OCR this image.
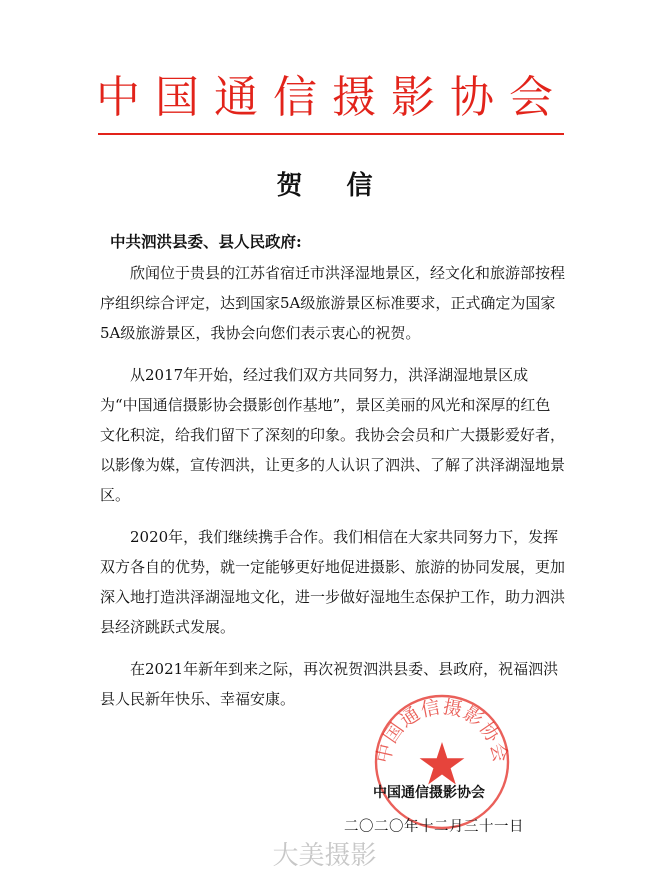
中国通信摄影协会
贺信
中共泗洪县委、县人民政府:

欣闻位于贵县的江苏省宿迁市洪泽湿地景区，经文化和旅游部按程序组织综合评定，达到国家5A级旅游景区标准要求，正式确定为国家5A级旅游景区，我协会向您们表示衷心的祝贺。

从2017年开始，经过我们双方共同努力，洪泽湖湿地景区成为“中国通信摄影协会摄影创作基地”，景区美丽的风光和深厚的红色文化积淀，给我们留下了深刻的印象。我协会会员和广大摄影爱好者，以影像为媒，宣传泗洪，让更多的人认识了泗洪、了解了洪泽湖湿地景区。

2020年，我们继续携手合作。我们相信在大家共同努力下，发挥双方各自的优势，就一定能够更好地促进摄影、旅游的协同发展，更加深入地打造洪泽湖湿地文化，进一步做好湿地生态保护工作，助力泗洪县经济跳跃式发展。

在2021年新年到来之际，再次祝贺泗洪县委、县政府，祝福泗洪县人民新年快乐、幸福安康。

中国通信摄影协会
中国通信摄影协会
二〇二〇年十二月三十一日
大美摄影
